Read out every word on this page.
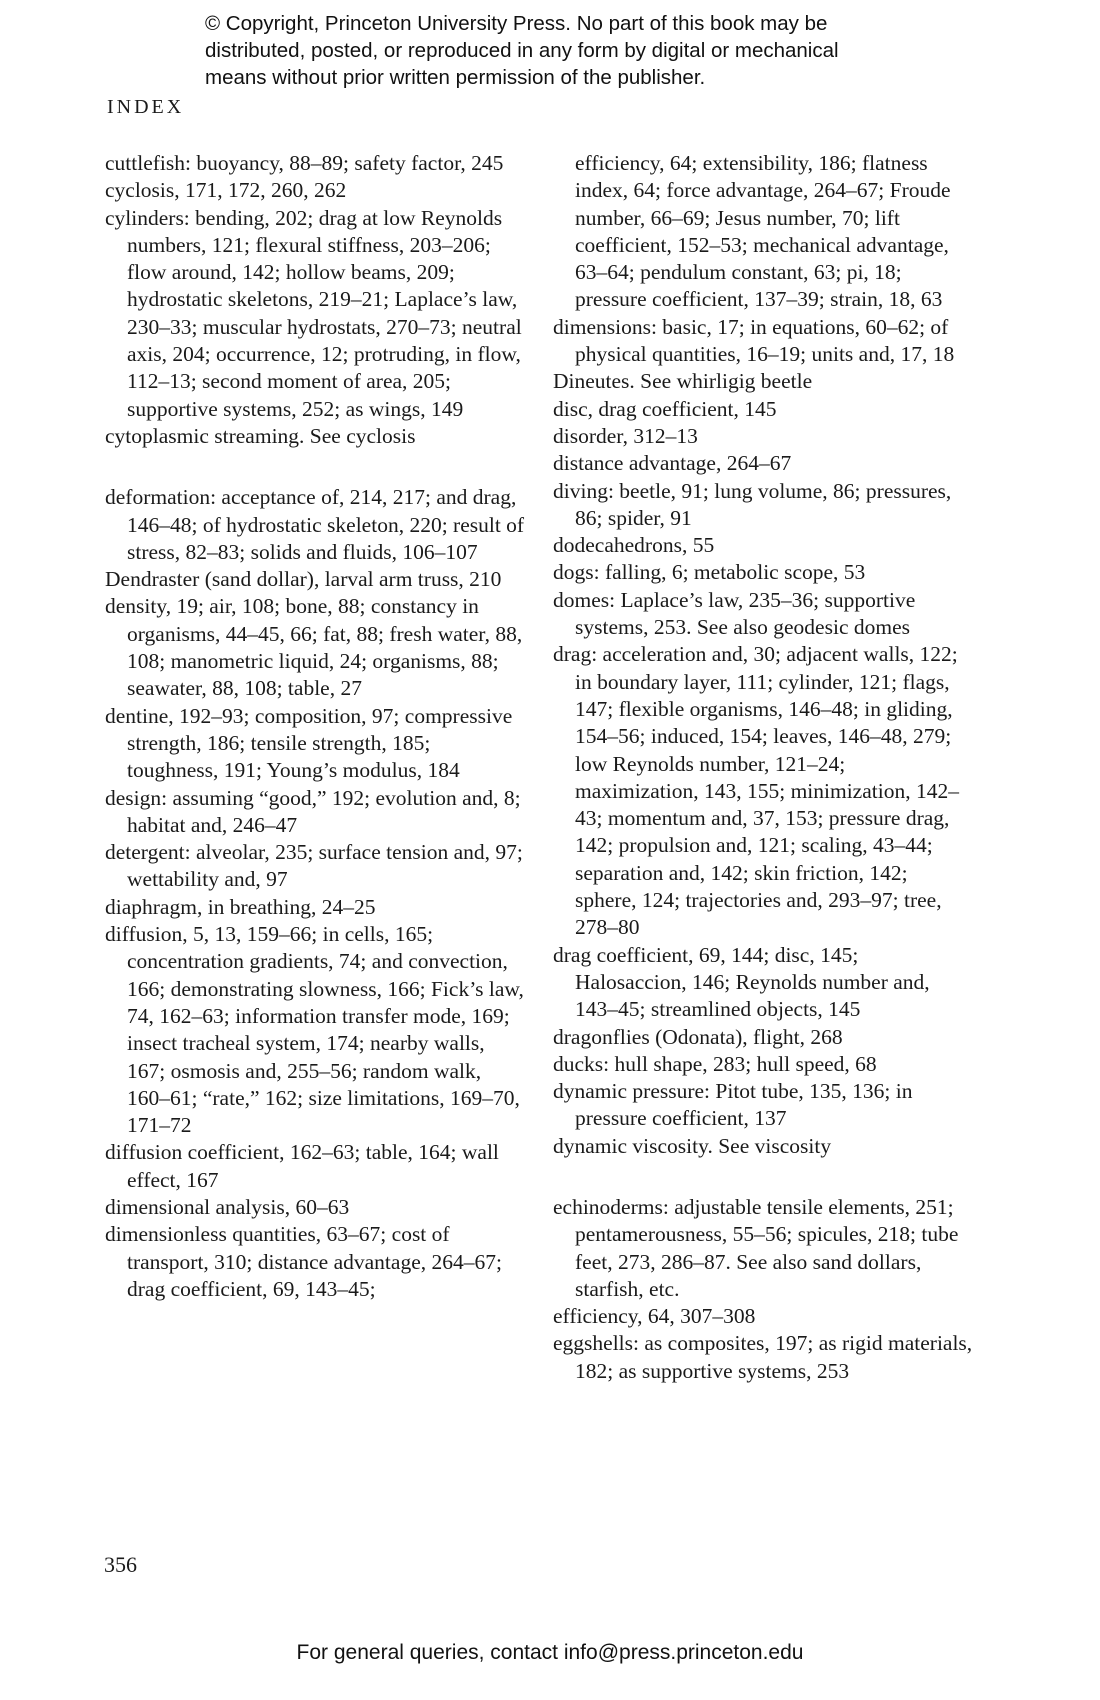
© Copyright, Princeton University Press. No part of this book may be

distributed, posted, or reproduced in any form by digital or mechanical

means without prior written permission of the publisher.

INDEX

cuttlefish: buoyancy, 88–89; safety factor, 245

cyclosis, 171, 172, 260, 262

cylinders: bending, 202; drag at low Reynolds numbers, 121; flexural stiffness, 203–206; flow around, 142; hollow beams, 209; hydrostatic skeletons, 219–21; Laplace’s law, 230–33; muscular hydrostats, 270–73; neutral axis, 204; occurrence, 12; protruding, in flow, 112–13; second moment of area, 205; supportive systems, 252; as wings, 149

cytoplasmic streaming. See cyclosis

deformation: acceptance of, 214, 217; and drag, 146–48; of hydrostatic skeleton, 220; result of stress, 82–83; solids and fluids, 106–107

Dendraster (sand dollar), larval arm truss, 210

density, 19; air, 108; bone, 88; constancy in organisms, 44–45, 66; fat, 88; fresh water, 88, 108; manometric liquid, 24; organisms, 88; seawater, 88, 108; table, 27

dentine, 192–93; composition, 97; compressive strength, 186; tensile strength, 185; toughness, 191; Young’s modulus, 184

design: assuming “good,” 192; evolution and, 8; habitat and, 246–47

detergent: alveolar, 235; surface tension and, 97; wettability and, 97

diaphragm, in breathing, 24–25

diffusion, 5, 13, 159–66; in cells, 165; concentration gradients, 74; and convection, 166; demonstrating slowness, 166; Fick’s law, 74, 162–63; information transfer mode, 169; insect tracheal system, 174; nearby walls, 167; osmosis and, 255–56; random walk, 160–61; “rate,” 162; size limitations, 169–70, 171–72

diffusion coefficient, 162–63; table, 164; wall effect, 167

dimensional analysis, 60–63

dimensionless quantities, 63–67; cost of transport, 310; distance advantage, 264–67; drag coefficient, 69, 143–45;

efficiency, 64; extensibility, 186; flatness index, 64; force advantage, 264–67; Froude number, 66–69; Jesus number, 70; lift coefficient, 152–53; mechanical advantage, 63–64; pendulum constant, 63; pi, 18; pressure coefficient, 137–39; strain, 18, 63

dimensions: basic, 17; in equations, 60–62; of physical quantities, 16–19; units and, 17, 18

Dineutes. See whirligig beetle

disc, drag coefficient, 145

disorder, 312–13

distance advantage, 264–67

diving: beetle, 91; lung volume, 86; pressures, 86; spider, 91

dodecahedrons, 55

dogs: falling, 6; metabolic scope, 53

domes: Laplace’s law, 235–36; supportive systems, 253. See also geodesic domes

drag: acceleration and, 30; adjacent walls, 122; in boundary layer, 111; cylinder, 121; flags, 147; flexible organisms, 146–48; in gliding, 154–56; induced, 154; leaves, 146–48, 279; low Reynolds number, 121–24; maximization, 143, 155; minimization, 142–43; momentum and, 37, 153; pressure drag, 142; propulsion and, 121; scaling, 43–44; separation and, 142; skin friction, 142; sphere, 124; trajectories and, 293–97; tree, 278–80

drag coefficient, 69, 144; disc, 145; Halosaccion, 146; Reynolds number and, 143–45; streamlined objects, 145

dragonflies (Odonata), flight, 268

ducks: hull shape, 283; hull speed, 68

dynamic pressure: Pitot tube, 135, 136; in pressure coefficient, 137

dynamic viscosity. See viscosity

echinoderms: adjustable tensile elements, 251; pentamerousness, 55–56; spicules, 218; tube feet, 273, 286–87. See also sand dollars, starfish, etc.

efficiency, 64, 307–308

eggshells: as composites, 197; as rigid materials, 182; as supportive systems, 253

356

For general queries, contact info@press.princeton.edu
